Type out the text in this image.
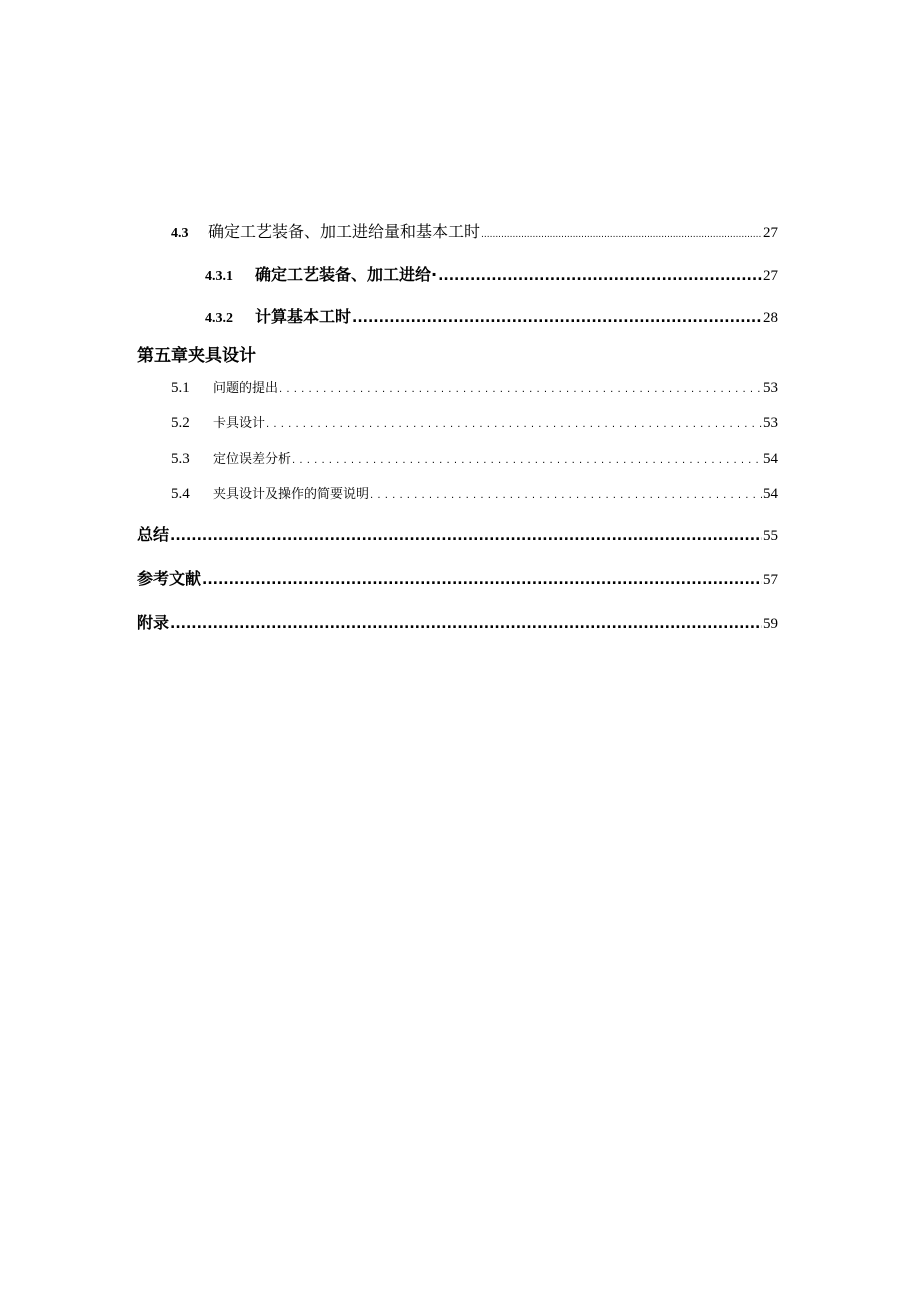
4.3	确定工艺装备、加工进给量和基本工时 .....	27
4.3.1	确定工艺装备、加工进给· .....	27
4.3.2	计算基本工时 .....	28
第五章夹具设计
5.1	问题的提出 . . .	53
5.2	卡具设计 . . .	53
5.3	定位误差分析 . . .	54
5.4	夹具设计及操作的简要说明 . . .	54
总结 .....	55
参考文献 .....	57
附录 .....	59
